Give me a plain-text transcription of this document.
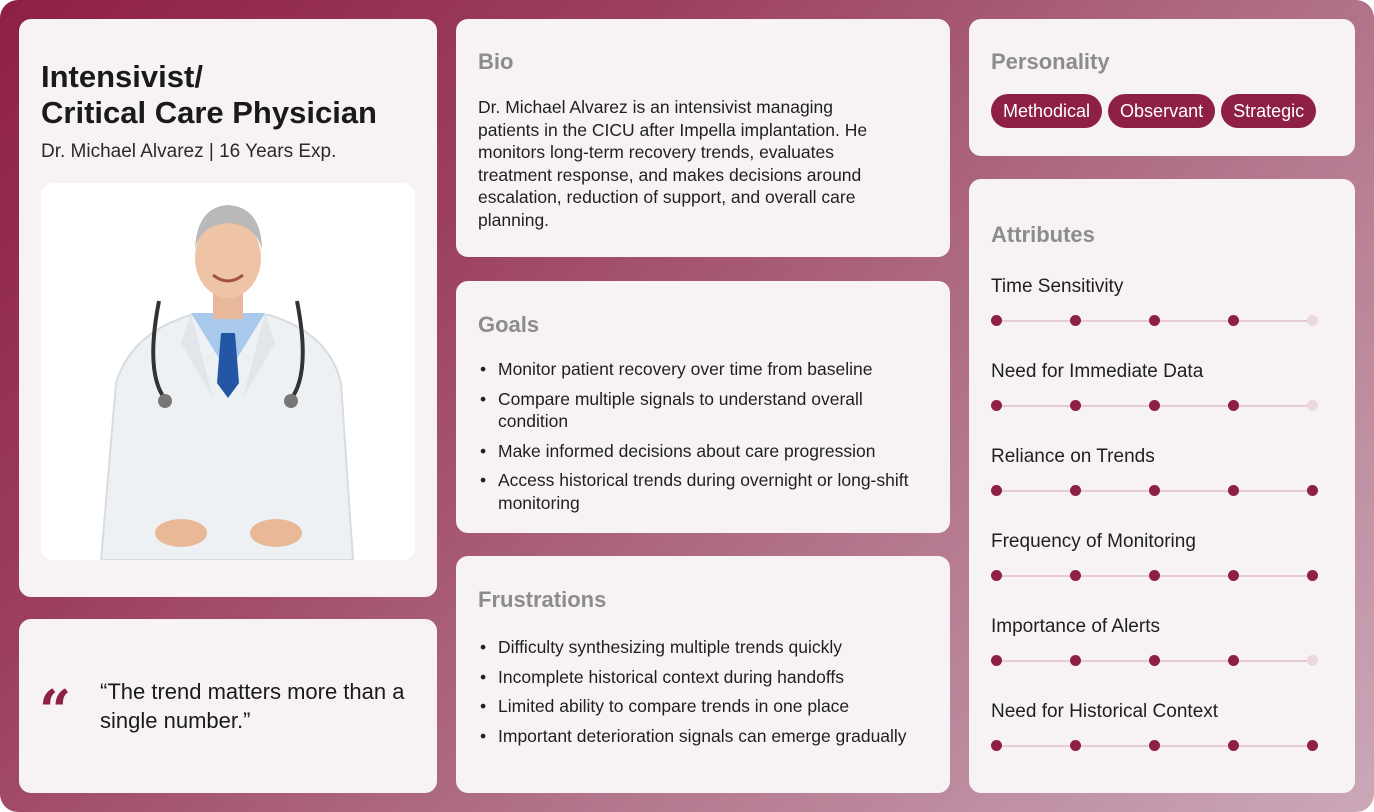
Intensivist/
Critical Care Physician
Dr. Michael Alvarez | 16 Years Exp.
“ “The trend matters more than a single number.”
Bio
Dr. Michael Alvarez is an intensivist managing patients in the CICU after Impella implantation. He monitors long-term recovery trends, evaluates treatment response, and makes decisions around escalation, reduction of support, and overall care planning.
Goals
• Monitor patient recovery over time from baseline
• Compare multiple signals to understand overall condition
• Make informed decisions about care progression
• Access historical trends during overnight or long-shift monitoring
Frustrations
• Difficulty synthesizing multiple trends quickly
• Incomplete historical context during handoffs
• Limited ability to compare trends in one place
• Important deterioration signals can emerge gradually
Personality
Methodical	Observant	Strategic
Attributes
Time Sensitivity
Need for Immediate Data
Reliance on Trends
Frequency of Monitoring
Importance of Alerts
Need for Historical Context
